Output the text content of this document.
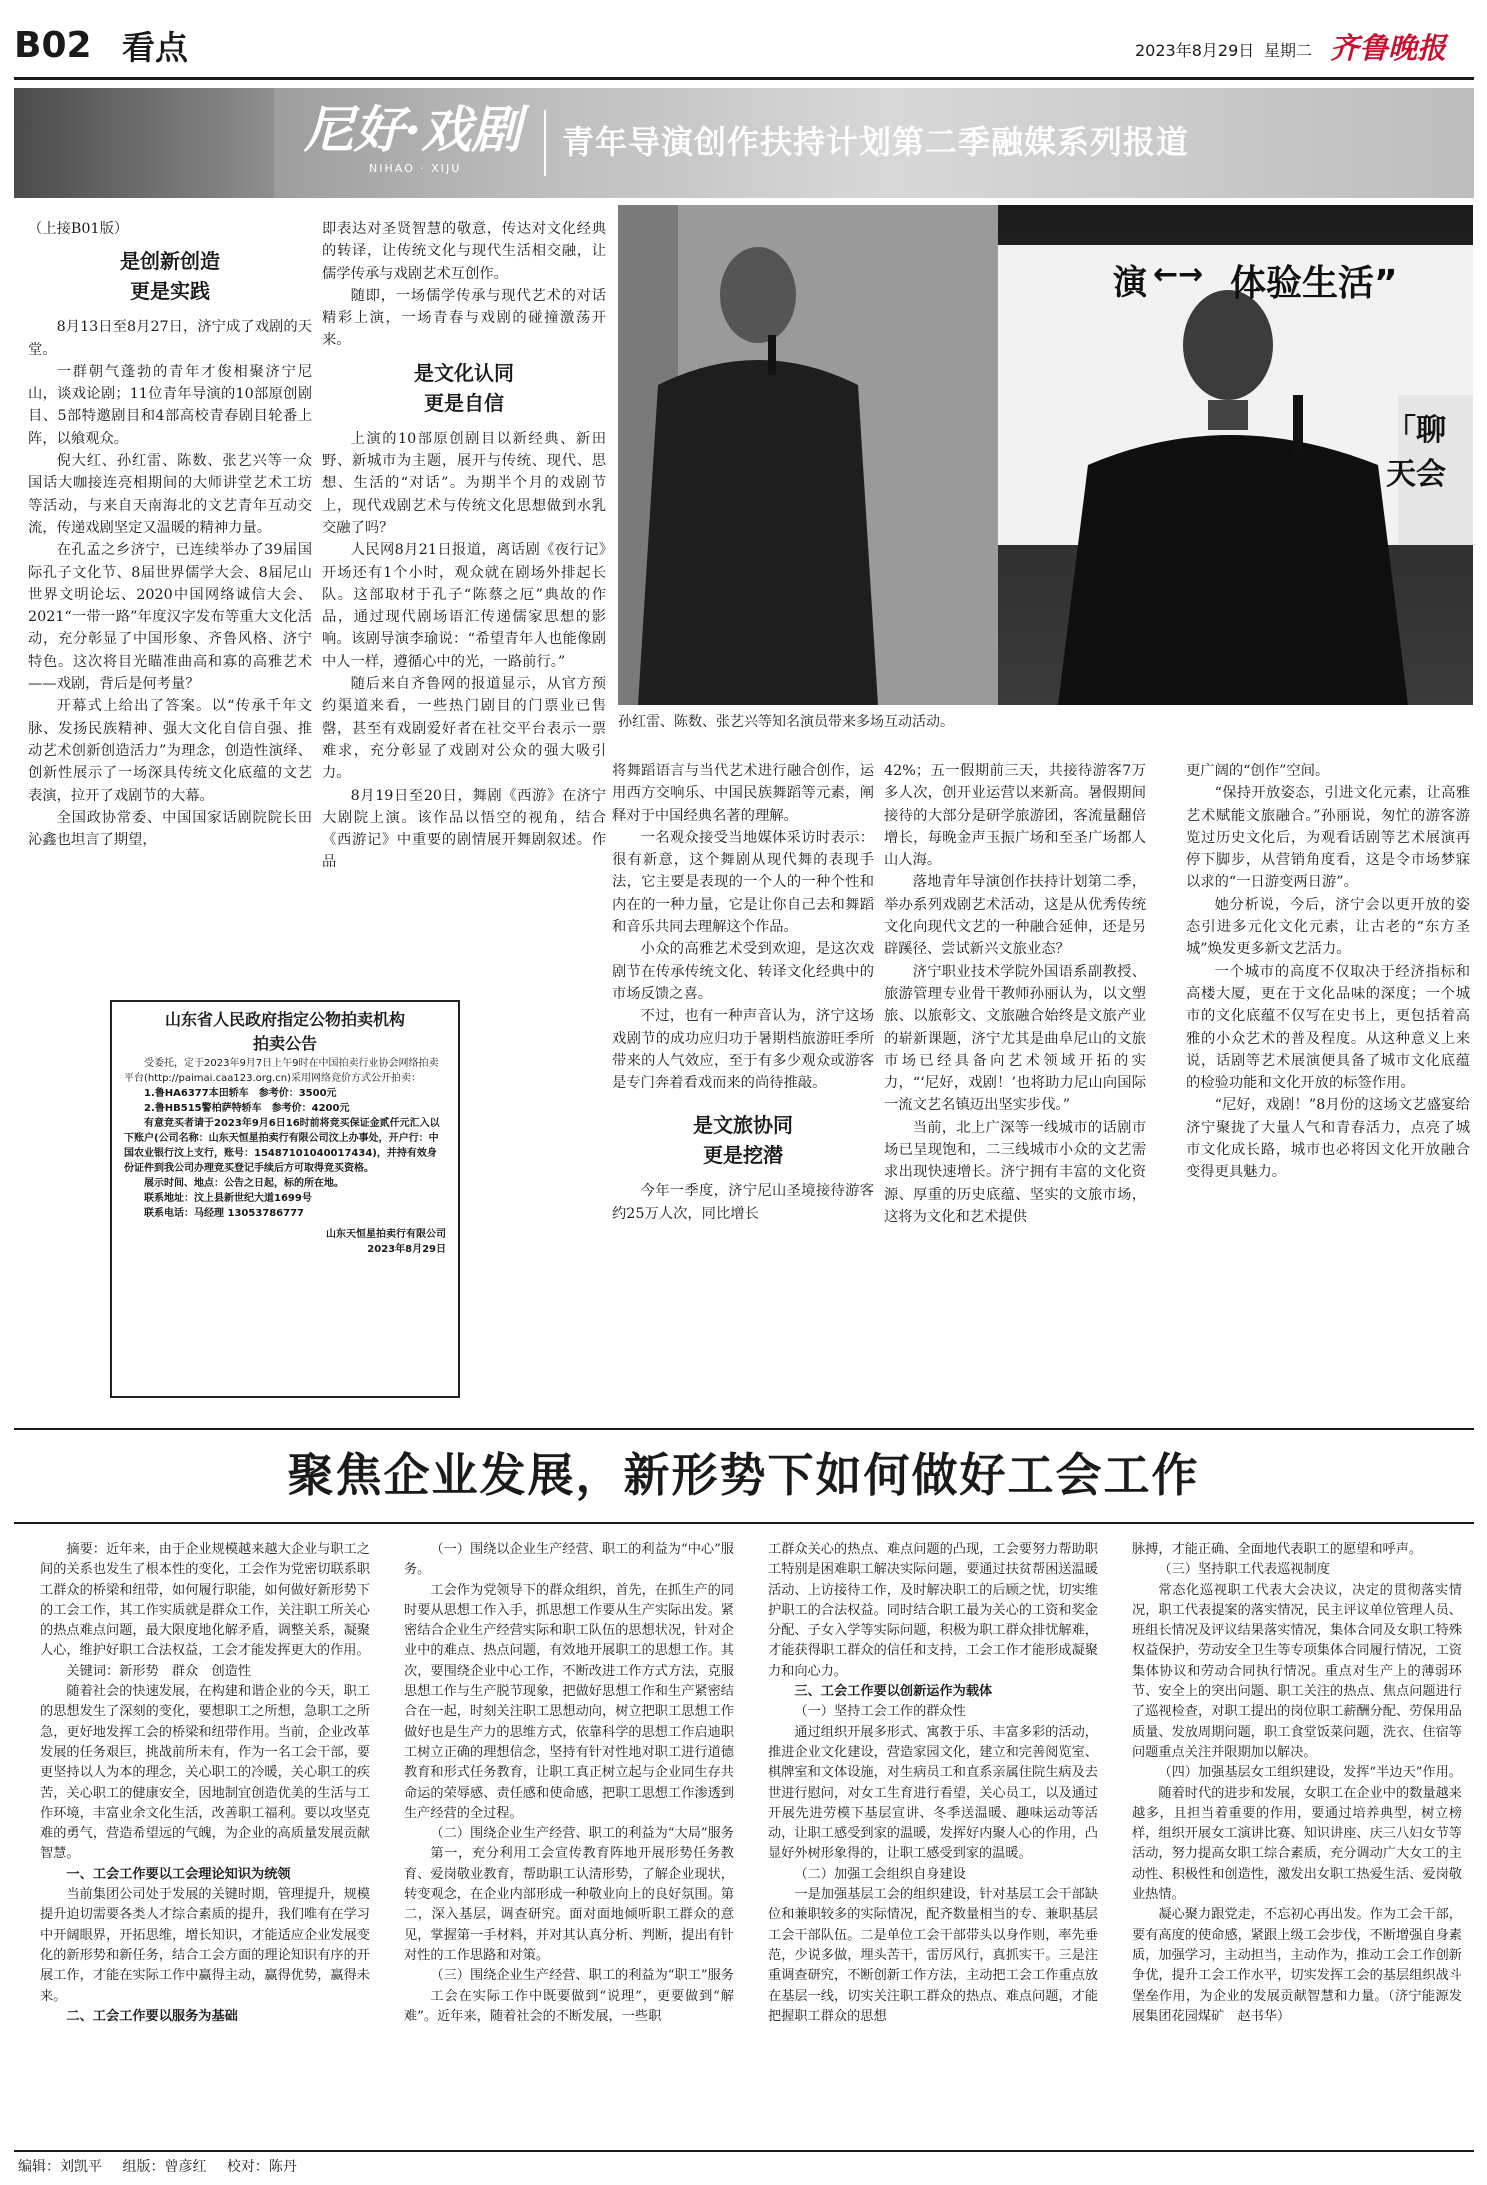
B02 看点	2023年8月29日 星期二 齐鲁晚报
尼好·戏剧
NIHAO · XIJU
青年导演创作扶持计划第二季融媒系列报道
演 ←→ 体验生活”
「聊天会
孙红雷、陈数、张艺兴等知名演员带来多场互动活动。
（上接B01版）
是创新创造
更是实践

8月13日至8月27日，济宁成了戏剧的天堂。

一群朝气蓬勃的青年才俊相聚济宁尼山，谈戏论剧；11位青年导演的10部原创剧目、5部特邀剧目和4部高校青春剧目轮番上阵，以飨观众。

倪大红、孙红雷、陈数、张艺兴等一众国话大咖接连亮相期间的大师讲堂艺术工坊等活动，与来自天南海北的文艺青年互动交流，传递戏剧坚定又温暖的精神力量。

在孔孟之乡济宁，已连续举办了39届国际孔子文化节、8届世界儒学大会、8届尼山世界文明论坛、2020中国网络诚信大会、2021“一带一路”年度汉字发布等重大文化活动，充分彰显了中国形象、齐鲁风格、济宁特色。这次将目光瞄准曲高和寡的高雅艺术——戏剧，背后是何考量？

开幕式上给出了答案。以“传承千年文脉、发扬民族精神、强大文化自信自强、推动艺术创新创造活力”为理念，创造性演绎、创新性展示了一场深具传统文化底蕴的文艺表演，拉开了戏剧节的大幕。

全国政协常委、中国国家话剧院院长田沁鑫也坦言了期望，

即表达对圣贤智慧的敬意，传达对文化经典的转译，让传统文化与现代生活相交融，让儒学传承与戏剧艺术互创作。

随即，一场儒学传承与现代艺术的对话精彩上演，一场青春与戏剧的碰撞激荡开来。

是文化认同
更是自信

上演的10部原创剧目以新经典、新田野、新城市为主题，展开与传统、现代、思想、生活的“对话”。为期半个月的戏剧节上，现代戏剧艺术与传统文化思想做到水乳交融了吗？

人民网8月21日报道，离话剧《夜行记》开场还有1个小时，观众就在剧场外排起长队。这部取材于孔子“陈蔡之厄”典故的作品，通过现代剧场语汇传递儒家思想的影响。该剧导演李瑜说：“希望青年人也能像剧中人一样，遵循心中的光，一路前行。”

随后来自齐鲁网的报道显示，从官方预约渠道来看，一些热门剧目的门票业已售罄，甚至有戏剧爱好者在社交平台表示一票难求，充分彰显了戏剧对公众的强大吸引力。

8月19日至20日，舞剧《西游》在济宁大剧院上演。该作品以悟空的视角，结合《西游记》中重要的剧情展开舞剧叙述。作品

将舞蹈语言与当代艺术进行融合创作，运用西方交响乐、中国民族舞蹈等元素，阐释对于中国经典名著的理解。

一名观众接受当地媒体采访时表示：很有新意，这个舞剧从现代舞的表现手法，它主要是表现的一个人的一种个性和内在的一种力量，它是让你自己去和舞蹈和音乐共同去理解这个作品。

小众的高雅艺术受到欢迎，是这次戏剧节在传承传统文化、转译文化经典中的市场反馈之喜。

不过，也有一种声音认为，济宁这场戏剧节的成功应归功于暑期档旅游旺季所带来的人气效应，至于有多少观众或游客是专门奔着看戏而来的尚待推敲。

是文旅协同
更是挖潜

今年一季度，济宁尼山圣境接待游客约25万人次，同比增长

42%；五一假期前三天，共接待游客7万多人次，创开业运营以来新高。暑假期间接待的大部分是研学旅游团，客流量翻倍增长，每晚金声玉振广场和至圣广场都人山人海。

落地青年导演创作扶持计划第二季，举办系列戏剧艺术活动，这是从优秀传统文化向现代文艺的一种融合延伸，还是另辟蹊径、尝试新兴文旅业态？

济宁职业技术学院外国语系副教授、旅游管理专业骨干教师孙丽认为，以文塑旅、以旅彰文、文旅融合始终是文旅产业的崭新课题，济宁尤其是曲阜尼山的文旅市场已经具备向艺术领域开拓的实力，“‘尼好，戏剧！’也将助力尼山向国际一流文艺名镇迈出坚实步伐。”

当前，北上广深等一线城市的话剧市场已呈现饱和，二三线城市小众的文艺需求出现快速增长。济宁拥有丰富的文化资源、厚重的历史底蕴、坚实的文旅市场，这将为文化和艺术提供

更广阔的“创作”空间。

“保持开放姿态，引进文化元素，让高雅艺术赋能文旅融合。”孙丽说，匆忙的游客游览过历史文化后，为观看话剧等艺术展演再停下脚步，从营销角度看，这是令市场梦寐以求的“一日游变两日游”。

她分析说，今后，济宁会以更开放的姿态引进多元化文化元素，让古老的“东方圣城”焕发更多新文艺活力。

一个城市的高度不仅取决于经济指标和高楼大厦，更在于文化品味的深度；一个城市的文化底蕴不仅写在史书上，更包括着高雅的小众艺术的普及程度。从这种意义上来说，话剧等艺术展演便具备了城市文化底蕴的检验功能和文化开放的标签作用。

“尼好，戏剧！”8月份的这场文艺盛宴给济宁聚拢了大量人气和青春活力，点亮了城市文化成长路，城市也必将因文化开放融合变得更具魅力。

山东省人民政府指定公物拍卖机构
拍卖公告
受委托，定于2023年9月7日上午9时在中国拍卖行业协会网络拍卖平台(http://paimai.caa123.org.cn)采用网络竞价方式公开拍卖：
1.鲁HA6377本田轿车　参考价：3500元
2.鲁HB515警柏萨特轿车　参考价：4200元
有意竞买者请于2023年9月6日16时前将竞买保证金贰仟元汇入以下账户(公司名称：山东天恒星拍卖行有限公司汶上办事处，开户行：中国农业银行汶上支行，账号：15487101040017434)，并持有效身份证件到我公司办理竞买登记手续后方可取得竞买资格。
展示时间、地点：公告之日起，标的所在地。
联系地址：汶上县新世纪大道1699号
联系电话：马经理 13053786777
山东天恒星拍卖行有限公司
2023年8月29日
聚焦企业发展，新形势下如何做好工会工作

摘要：近年来，由于企业规模越来越大企业与职工之间的关系也发生了根本性的变化，工会作为党密切联系职工群众的桥梁和纽带，如何履行职能，如何做好新形势下的工会工作，其工作实质就是群众工作，关注职工所关心的热点难点问题，最大限度地化解矛盾，调整关系，凝聚人心，维护好职工合法权益，工会才能发挥更大的作用。

关键词：新形势　群众　创造性

随着社会的快速发展，在构建和谐企业的今天，职工的思想发生了深刻的变化，要想职工之所想，急职工之所急，更好地发挥工会的桥梁和纽带作用。当前，企业改革发展的任务艰巨，挑战前所未有，作为一名工会干部，要更坚持以人为本的理念，关心职工的冷暖，关心职工的疾苦，关心职工的健康安全，因地制宜创造优美的生活与工作环境，丰富业余文化生活，改善职工福利。要以攻坚克难的勇气，营造希望远的气魄，为企业的高质量发展贡献智慧。

一、工会工作要以工会理论知识为统领

当前集团公司处于发展的关键时期，管理提升，规模提升迫切需要各类人才综合素质的提升，我们唯有在学习中开阔眼界，开拓思维，增长知识，才能适应企业发展变化的新形势和新任务，结合工会方面的理论知识有序的开展工作，才能在实际工作中赢得主动，赢得优势，赢得未来。

二、工会工作要以服务为基础

（一）围绕以企业生产经营、职工的利益为“中心”服务。

工会作为党领导下的群众组织，首先，在抓生产的同时要从思想工作入手，抓思想工作要从生产实际出发。紧密结合企业生产经营实际和职工队伍的思想状况，针对企业中的难点、热点问题，有效地开展职工的思想工作。其次，要围绕企业中心工作，不断改进工作方式方法，克服思想工作与生产脱节现象，把做好思想工作和生产紧密结合在一起，时刻关注职工思想动向，树立把职工思想工作做好也是生产力的思维方式，依靠科学的思想工作启迪职工树立正确的理想信念，坚持有针对性地对职工进行道德教育和形式任务教育，让职工真正树立起与企业同生存共命运的荣辱感、责任感和使命感，把职工思想工作渗透到生产经营的全过程。

（二）围绕企业生产经营、职工的利益为“大局”服务

第一，充分利用工会宣传教育阵地开展形势任务教育、爱岗敬业教育，帮助职工认清形势，了解企业现状，转变观念，在企业内部形成一种敬业向上的良好氛围。第二，深入基层，调查研究。面对面地倾听职工群众的意见，掌握第一手材料，并对其认真分析、判断，提出有针对性的工作思路和对策。

（三）围绕企业生产经营、职工的利益为“职工”服务

工会在实际工作中既要做到“说理”，更要做到“解难”。近年来，随着社会的不断发展，一些职

工群众关心的热点、难点问题的凸现，工会要努力帮助职工特别是困难职工解决实际问题，要通过扶贫帮困送温暖活动、上访接待工作，及时解决职工的后顾之忧，切实维护职工的合法权益。同时结合职工最为关心的工资和奖金分配、子女入学等实际问题，积极为职工群众排忧解难，才能获得职工群众的信任和支持，工会工作才能形成凝聚力和向心力。

三、工会工作要以创新运作为载体

（一）坚持工会工作的群众性

通过组织开展多形式、寓教于乐、丰富多彩的活动，推进企业文化建设，营造家园文化，建立和完善阅览室、棋牌室和文体设施，对生病员工和直系亲属住院生病及去世进行慰问，对女工生育进行看望，关心员工，以及通过开展先进劳模下基层宣讲、冬季送温暖、趣味运动等活动，让职工感受到家的温暖，发挥好内聚人心的作用，凸显好外树形象得的，让职工感受到家的温暖。

（二）加强工会组织自身建设

一是加强基层工会的组织建设，针对基层工会干部缺位和兼职较多的实际情况，配齐数量相当的专、兼职基层工会干部队伍。二是单位工会干部带头以身作则，率先垂范，少说多做，埋头苦干，雷厉风行，真抓实干。三是注重调查研究，不断创新工作方法，主动把工会工作重点放在基层一线，切实关注职工群众的热点、难点问题，才能把握职工群众的思想

脉搏，才能正确、全面地代表职工的愿望和呼声。

（三）坚持职工代表巡视制度

常态化巡视职工代表大会决议，决定的贯彻落实情况，职工代表提案的落实情况，民主评议单位管理人员、班组长情况及评议结果落实情况，集体合同及女职工特殊权益保护，劳动安全卫生等专项集体合同履行情况，工资集体协议和劳动合同执行情况。重点对生产上的薄弱环节、安全上的突出问题、职工关注的热点、焦点问题进行了巡视检查，对职工提出的岗位职工薪酬分配、劳保用品质量、发放周期问题，职工食堂饭菜问题，洗衣、住宿等问题重点关注并限期加以解决。

（四）加强基层女工组织建设，发挥“半边天”作用。

随着时代的进步和发展，女职工在企业中的数量越来越多，且担当着重要的作用，要通过培养典型，树立榜样，组织开展女工演讲比赛、知识讲座、庆三八妇女节等活动，努力提高女职工综合素质，充分调动广大女工的主动性、积极性和创造性，激发出女职工热爱生活、爱岗敬业热情。

凝心聚力跟党走，不忘初心再出发。作为工会干部，要有高度的使命感，紧跟上级工会步伐，不断增强自身素质，加强学习，主动担当，主动作为，推动工会工作创新争优，提升工会工作水平，切实发挥工会的基层组织战斗堡垒作用，为企业的发展贡献智慧和力量。（济宁能源发展集团花园煤矿　赵书华）

编辑：刘凯平 组版：曾彦红 校对：陈丹
